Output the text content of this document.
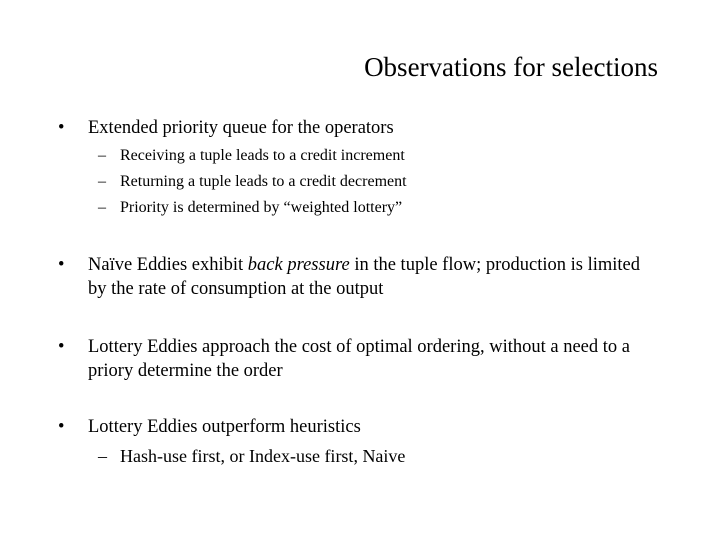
Observations for selections
• Extended priority queue for the operators
– Receiving a tuple leads to a credit increment
– Returning a tuple leads to a credit decrement
– Priority is determined by “weighted lottery”
• Naïve Eddies exhibit back pressure in the tuple flow; production is limited by the rate of consumption at the output
• Lottery Eddies approach the cost of optimal ordering, without a need to a priory determine the order
• Lottery Eddies outperform heuristics
– Hash-use first, or Index-use first, Naive
